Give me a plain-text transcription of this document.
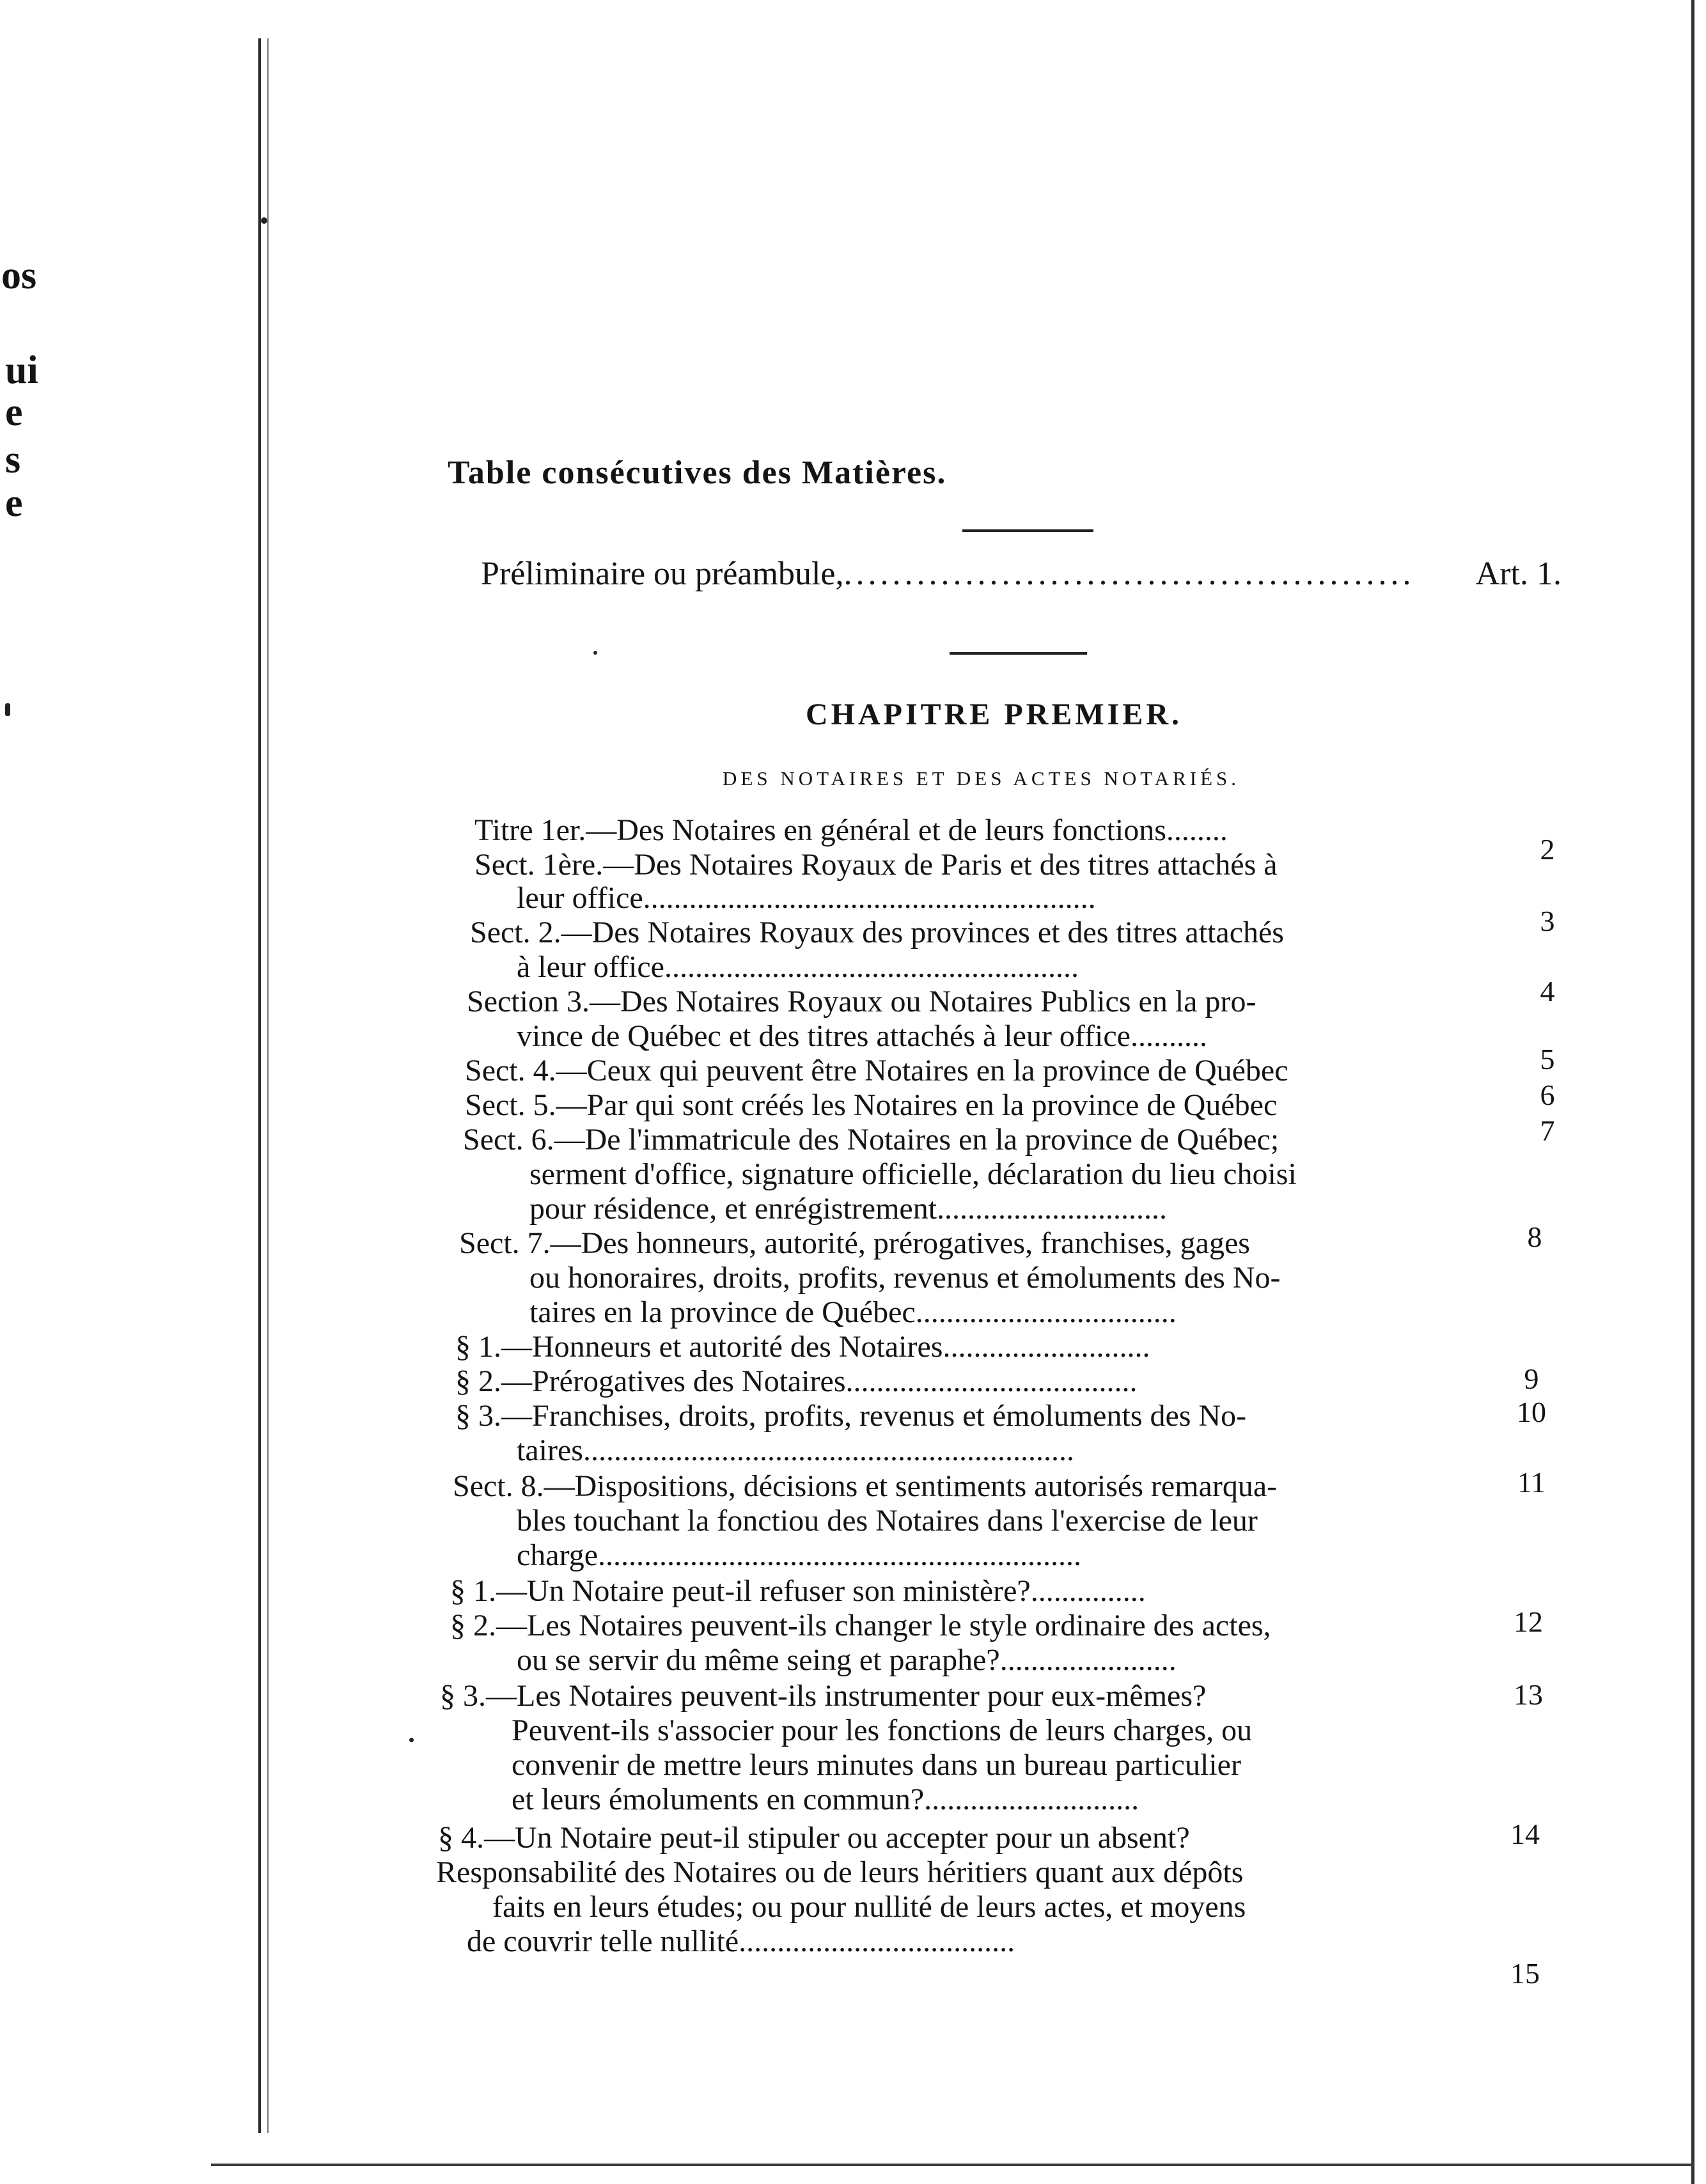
os
ui
e
s
e
Table consécutives des Matières.
Préliminaire ou préambule, ...............................................	Art. 1.
CHAPITRE PREMIER.
DES NOTAIRES ET DES ACTES NOTARIÉS.
Titre 1er.—Des Notaires en général et de leurs fonctions........
2
Sect. 1ère.—Des Notaires Royaux de Paris et des titres attachés à
leur office...........................................................
3
Sect. 2.—Des Notaires Royaux des provinces et des titres attachés
à leur office......................................................
4
Section 3.—Des Notaires Royaux ou Notaires Publics en la pro-
vince de Québec et des titres attachés à leur office..........
5
Sect. 4.—Ceux qui peuvent être Notaires en la province de Québec
6
Sect. 5.—Par qui sont créés les Notaires en la province de Québec
7
Sect. 6.—De l'immatricule des Notaires en la province de Québec;
serment d'office, signature officielle, déclaration du lieu choisi
pour résidence, et enrégistrement..............................
8
Sect. 7.—Des honneurs, autorité, prérogatives, franchises, gages
ou honoraires, droits, profits, revenus et émoluments des No-
taires en la province de Québec..................................
§ 1.—Honneurs et autorité des Notaires...........................
9
§ 2.—Prérogatives des Notaires......................................
10
§ 3.—Franchises, droits, profits, revenus et émoluments des No-
taires................................................................
11
Sect. 8.—Dispositions, décisions et sentiments autorisés remarqua-
bles touchant la fonctiou des Notaires dans l'exercise de leur
charge...............................................................
§ 1.—Un Notaire peut-il refuser son ministère?...............
12
§ 2.—Les Notaires peuvent-ils changer le style ordinaire des actes,
ou se servir du même seing et paraphe?.......................
13
§ 3.—Les Notaires peuvent-ils instrumenter pour eux-mêmes?
Peuvent-ils s'associer pour les fonctions de leurs charges, ou
convenir de mettre leurs minutes dans un bureau particulier
et leurs émoluments en commun?............................
14
§ 4.—Un Notaire peut-il stipuler ou accepter pour un absent?
Responsabilité des Notaires ou de leurs héritiers quant aux dépôts
faits en leurs études; ou pour nullité de leurs actes, et moyens
de couvrir telle nullité....................................
15
